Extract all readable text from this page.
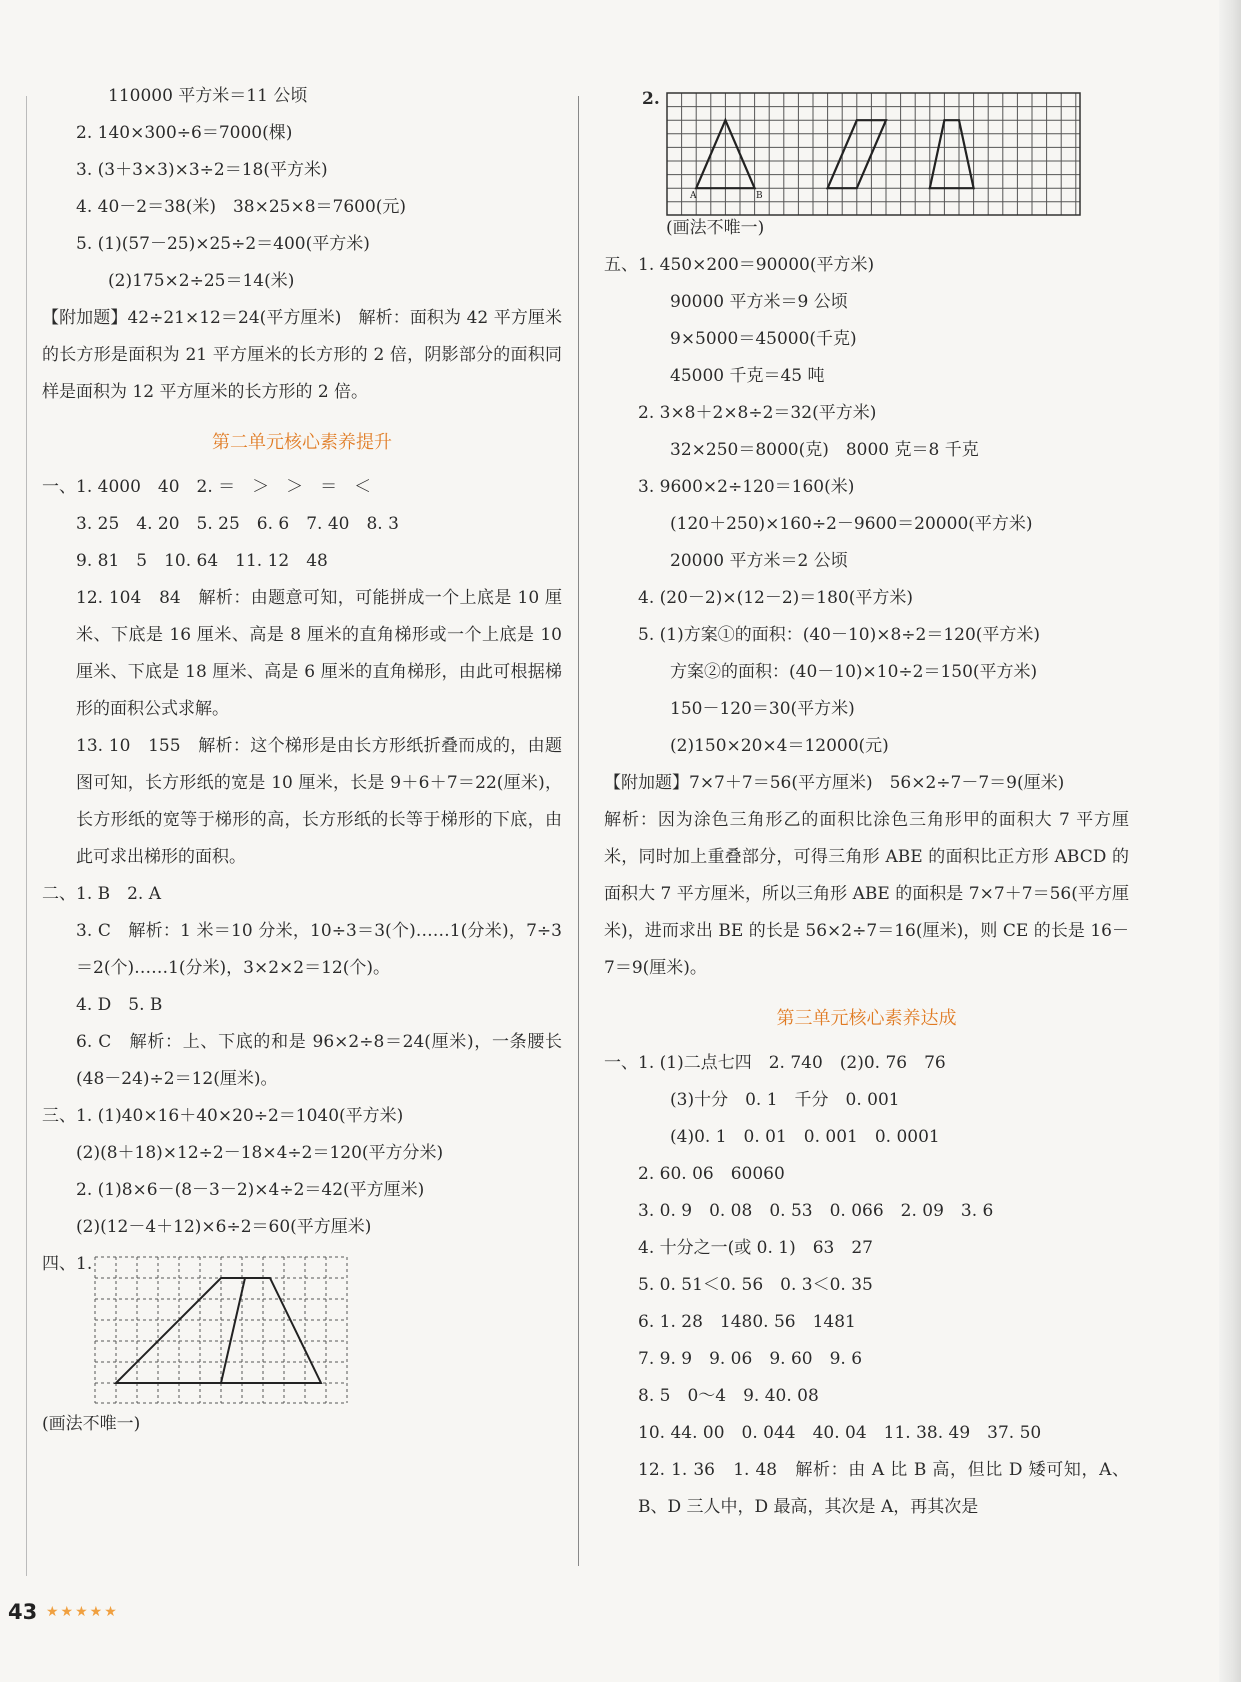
110000 平方米＝11 公顷
2. 140×300÷6＝7000(棵)
3. (3＋3×3)×3÷2＝18(平方米)
4. 40－2＝38(米)　38×25×8＝7600(元)
5. (1)(57－25)×25÷2＝400(平方米)
(2)175×2÷25＝14(米)
【附加题】42÷21×12＝24(平方厘米)　解析：面积为 42 平方厘米的长方形是面积为 21 平方厘米的长方形的 2 倍，阴影部分的面积同样是面积为 12 平方厘米的长方形的 2 倍。
第二单元核心素养提升
一、1. 4000　40　2. ＝　＞　＞　＝　＜
3. 25　4. 20　5. 25　6. 6　7. 40　8. 3
9. 81　5　10. 64　11. 12　48
12. 104　84　解析：由题意可知，可能拼成一个上底是 10 厘米、下底是 16 厘米、高是 8 厘米的直角梯形或一个上底是 10 厘米、下底是 18 厘米、高是 6 厘米的直角梯形，由此可根据梯形的面积公式求解。
13. 10　155　解析：这个梯形是由长方形纸折叠而成的，由题图可知，长方形纸的宽是 10 厘米，长是 9＋6＋7＝22(厘米)，长方形纸的宽等于梯形的高，长方形纸的长等于梯形的下底，由此可求出梯形的面积。
二、1. B　2. A
3. C　解析：1 米＝10 分米，10÷3＝3(个)……1(分米)，7÷3＝2(个)……1(分米)，3×2×2＝12(个)。
4. D　5. B
6. C　解析：上、下底的和是 96×2÷8＝24(厘米)，一条腰长(48－24)÷2＝12(厘米)。
三、1. (1)40×16＋40×20÷2＝1040(平方米)
(2)(8＋18)×12÷2－18×4÷2＝120(平方分米)
2. (1)8×6－(8－3－2)×4÷2＝42(平方厘米)
(2)(12－4＋12)×6÷2＝60(平方厘米)
四、1.
(画法不唯一)
2.
A	B
(画法不唯一)
五、1. 450×200＝90000(平方米)
90000 平方米＝9 公顷
9×5000＝45000(千克)
45000 千克＝45 吨
2. 3×8＋2×8÷2＝32(平方米)
32×250＝8000(克)　8000 克＝8 千克
3. 9600×2÷120＝160(米)
(120＋250)×160÷2－9600＝20000(平方米)
20000 平方米＝2 公顷
4. (20－2)×(12－2)＝180(平方米)
5. (1)方案①的面积：(40－10)×8÷2＝120(平方米)
方案②的面积：(40－10)×10÷2＝150(平方米)
150－120＝30(平方米)
(2)150×20×4＝12000(元)
【附加题】7×7＋7＝56(平方厘米)　56×2÷7－7＝9(厘米)
解析：因为涂色三角形乙的面积比涂色三角形甲的面积大 7 平方厘米，同时加上重叠部分，可得三角形 ABE 的面积比正方形 ABCD 的面积大 7 平方厘米，所以三角形 ABE 的面积是 7×7＋7＝56(平方厘米)，进而求出 BE 的长是 56×2÷7＝16(厘米)，则 CE 的长是 16－7＝9(厘米)。
第三单元核心素养达成
一、1. (1)二点七四　2. 740　(2)0. 76　76
(3)十分　0. 1　千分　0. 001
(4)0. 1　0. 01　0. 001　0. 0001
2. 60. 06　60060
3. 0. 9　0. 08　0. 53　0. 066　2. 09　3. 6
4. 十分之一(或 0. 1)　63　27
5. 0. 51＜0. 56　0. 3＜0. 35
6. 1. 28　1480. 56　1481
7. 9. 9　9. 06　9. 60　9. 6
8. 5　0～4　9. 40. 08
10. 44. 00　0. 044　40. 04　11. 38. 49　37. 50
12. 1. 36　1. 48　解析：由 A 比 B 高，但比 D 矮可知，A、B、D 三人中，D 最高，其次是 A，再其次是
43 ★★★★★
